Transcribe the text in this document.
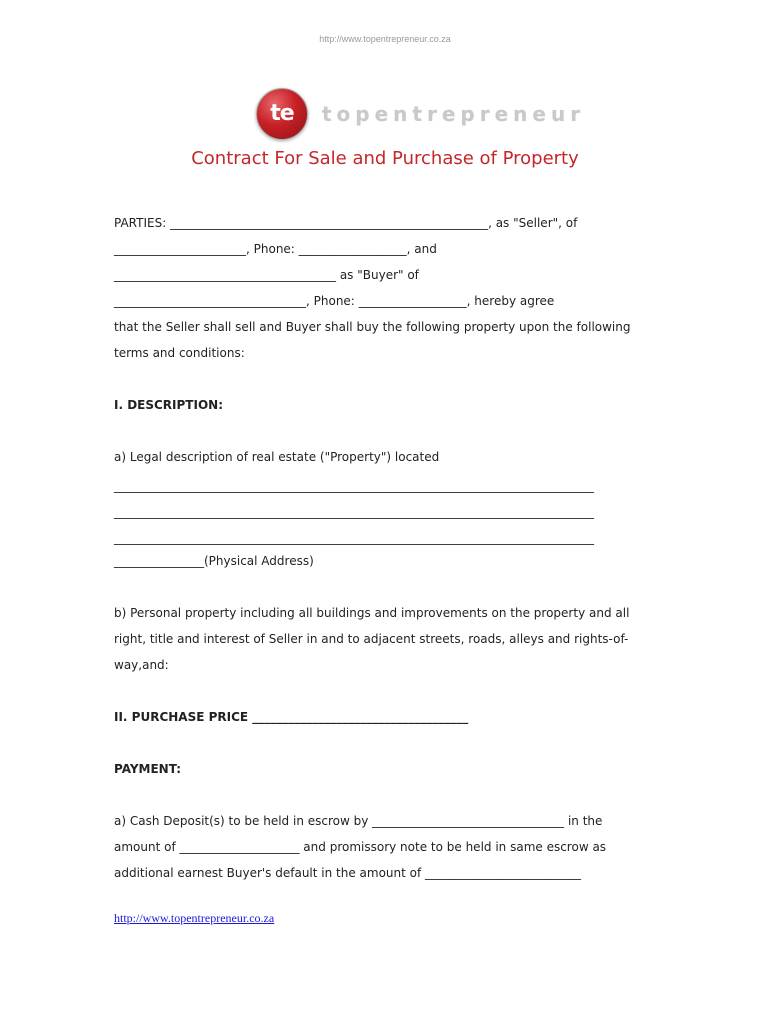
http://www.topentrepreneur.co.za
te topentrepreneur
Contract For Sale and Purchase of Property
PARTIES: _____________________________________________________, as "Seller", of
______________________, Phone: __________________, and
_____________________________________ as "Buyer" of
________________________________, Phone: __________________, hereby agree
that the Seller shall sell and Buyer shall buy the following property upon the following
terms and conditions:
I. DESCRIPTION:
a) Legal description of real estate ("Property") located
________________________________________________________________________________
________________________________________________________________________________
________________________________________________________________________________
_______________(Physical Address)
b) Personal property including all buildings and improvements on the property and all
right, title and interest of Seller in and to adjacent streets, roads, alleys and rights-of-
way,and:
II. PURCHASE PRICE ____________________________________
PAYMENT:
a) Cash Deposit(s) to be held in escrow by ________________________________ in the
amount of ____________________ and promissory note to be held in same escrow as
additional earnest Buyer's default in the amount of __________________________
http://www.topentrepreneur.co.za
